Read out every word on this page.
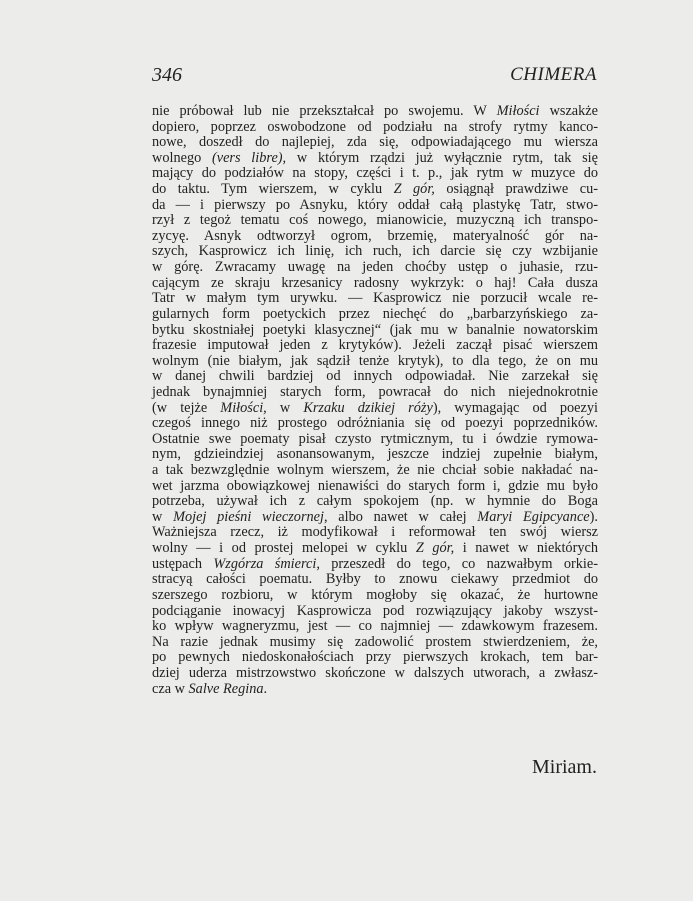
346	CHIMERA
nie próbował lub nie przekształcał po swojemu. W Miłości wszakże
dopiero, poprzez oswobodzone od podziału na strofy rytmy kanco-
nowe, doszedł do najlepiej, zda się, odpowiadającego mu wiersza
wolnego (vers libre), w którym rządzi już wyłącznie rytm, tak się
mający do podziałów na stopy, części i t. p., jak rytm w muzyce do
do taktu. Tym wierszem, w cyklu Z gór, osiągnął prawdziwe cu-
da — i pierwszy po Asnyku, który oddał całą plastykę Tatr, stwo-
rzył z tegoż tematu coś nowego, mianowicie, muzyczną ich transpo-
zycyę. Asnyk odtworzył ogrom, brzemię, materyalność gór na-
szych, Kasprowicz ich linię, ich ruch, ich darcie się czy wzbijanie
w górę. Zwracamy uwagę na jeden choćby ustęp o juhasie, rzu-
cającym ze skraju krzesanicy radosny wykrzyk: o haj! Cała dusza
Tatr w małym tym urywku. — Kasprowicz nie porzucił wcale re-
gularnych form poetyckich przez niechęć do „barbarzyńskiego za-
bytku skostniałej poetyki klasycznej“ (jak mu w banalnie nowatorskim
frazesie imputował jeden z krytyków). Jeżeli zaczął pisać wierszem
wolnym (nie białym, jak sądził tenże krytyk), to dla tego, że on mu
w danej chwili bardziej od innych odpowiadał. Nie zarzekał się
jednak bynajmniej starych form, powracał do nich niejednokrotnie
(w tejże Miłości, w Krzaku dzikiej róży), wymagając od poezyi
czegoś innego niż prostego odróżniania się od poezyi poprzedników.
Ostatnie swe poematy pisał czysto rytmicznym, tu i ówdzie rymowa-
nym, gdzieindziej asonansowanym, jeszcze indziej zupełnie białym,
a tak bezwzględnie wolnym wierszem, że nie chciał sobie nakładać na-
wet jarzma obowiązkowej nienawiści do starych form i, gdzie mu było
potrzeba, używał ich z całym spokojem (np. w hymnie do Boga
w Mojej pieśni wieczornej, albo nawet w całej Maryi Egipcyance).
Ważniejsza rzecz, iż modyfikował i reformował ten swój wiersz
wolny — i od prostej melopei w cyklu Z gór, i nawet w niektórych
ustępach Wzgórza śmierci, przeszedł do tego, co nazwałbym orkie-
stracyą całości poematu. Byłby to znowu ciekawy przedmiot do
szerszego rozbioru, w którym mogłoby się okazać, że hurtowne
podciąganie inowacyj Kasprowicza pod rozwiązujący jakoby wszyst-
ko wpływ wagneryzmu, jest — co najmniej — zdawkowym frazesem.
Na razie jednak musimy się zadowolić prostem stwierdzeniem, że,
po pewnych niedoskonałościach przy pierwszych krokach, tem bar-
dziej uderza mistrzowstwo skończone w dalszych utworach, a zwłasz-
cza w Salve Regina.
Miriam.
